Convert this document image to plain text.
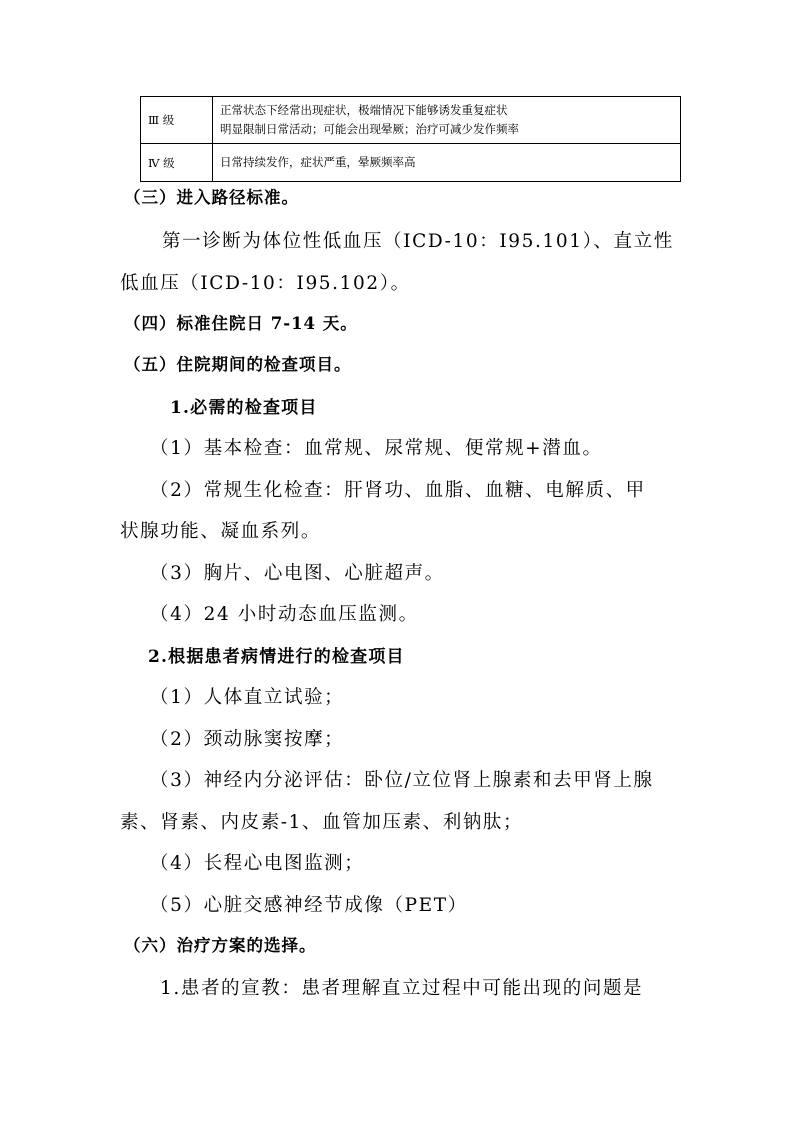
Ⅲ 级	正常状态下经常出现症状，极端情况下能够诱发重复症状
明显限制日常活动；可能会出现晕厥；治疗可减少发作频率

Ⅳ 级	日常持续发作，症状严重，晕厥频率高
（三）进入路径标准。
第一诊断为体位性低血压（ICD-10：I95.101）、直立性
低血压（ICD-10：I95.102）。
（四）标准住院日 7-14 天。
（五）住院期间的检查项目。
1.必需的检查项目
（1）基本检查：血常规、尿常规、便常规+潜血。
（2）常规生化检查：肝肾功、血脂、血糖、电解质、甲
状腺功能、凝血系列。
（3）胸片、心电图、心脏超声。
（4）24 小时动态血压监测。
2.根据患者病情进行的检查项目
（1）人体直立试验；
（2）颈动脉窦按摩；
（3）神经内分泌评估：卧位/立位肾上腺素和去甲肾上腺
素、肾素、内皮素-1、血管加压素、利钠肽；
（4）长程心电图监测；
（5）心脏交感神经节成像（PET）
（六）治疗方案的选择。
1.患者的宣教：患者理解直立过程中可能出现的问题是
